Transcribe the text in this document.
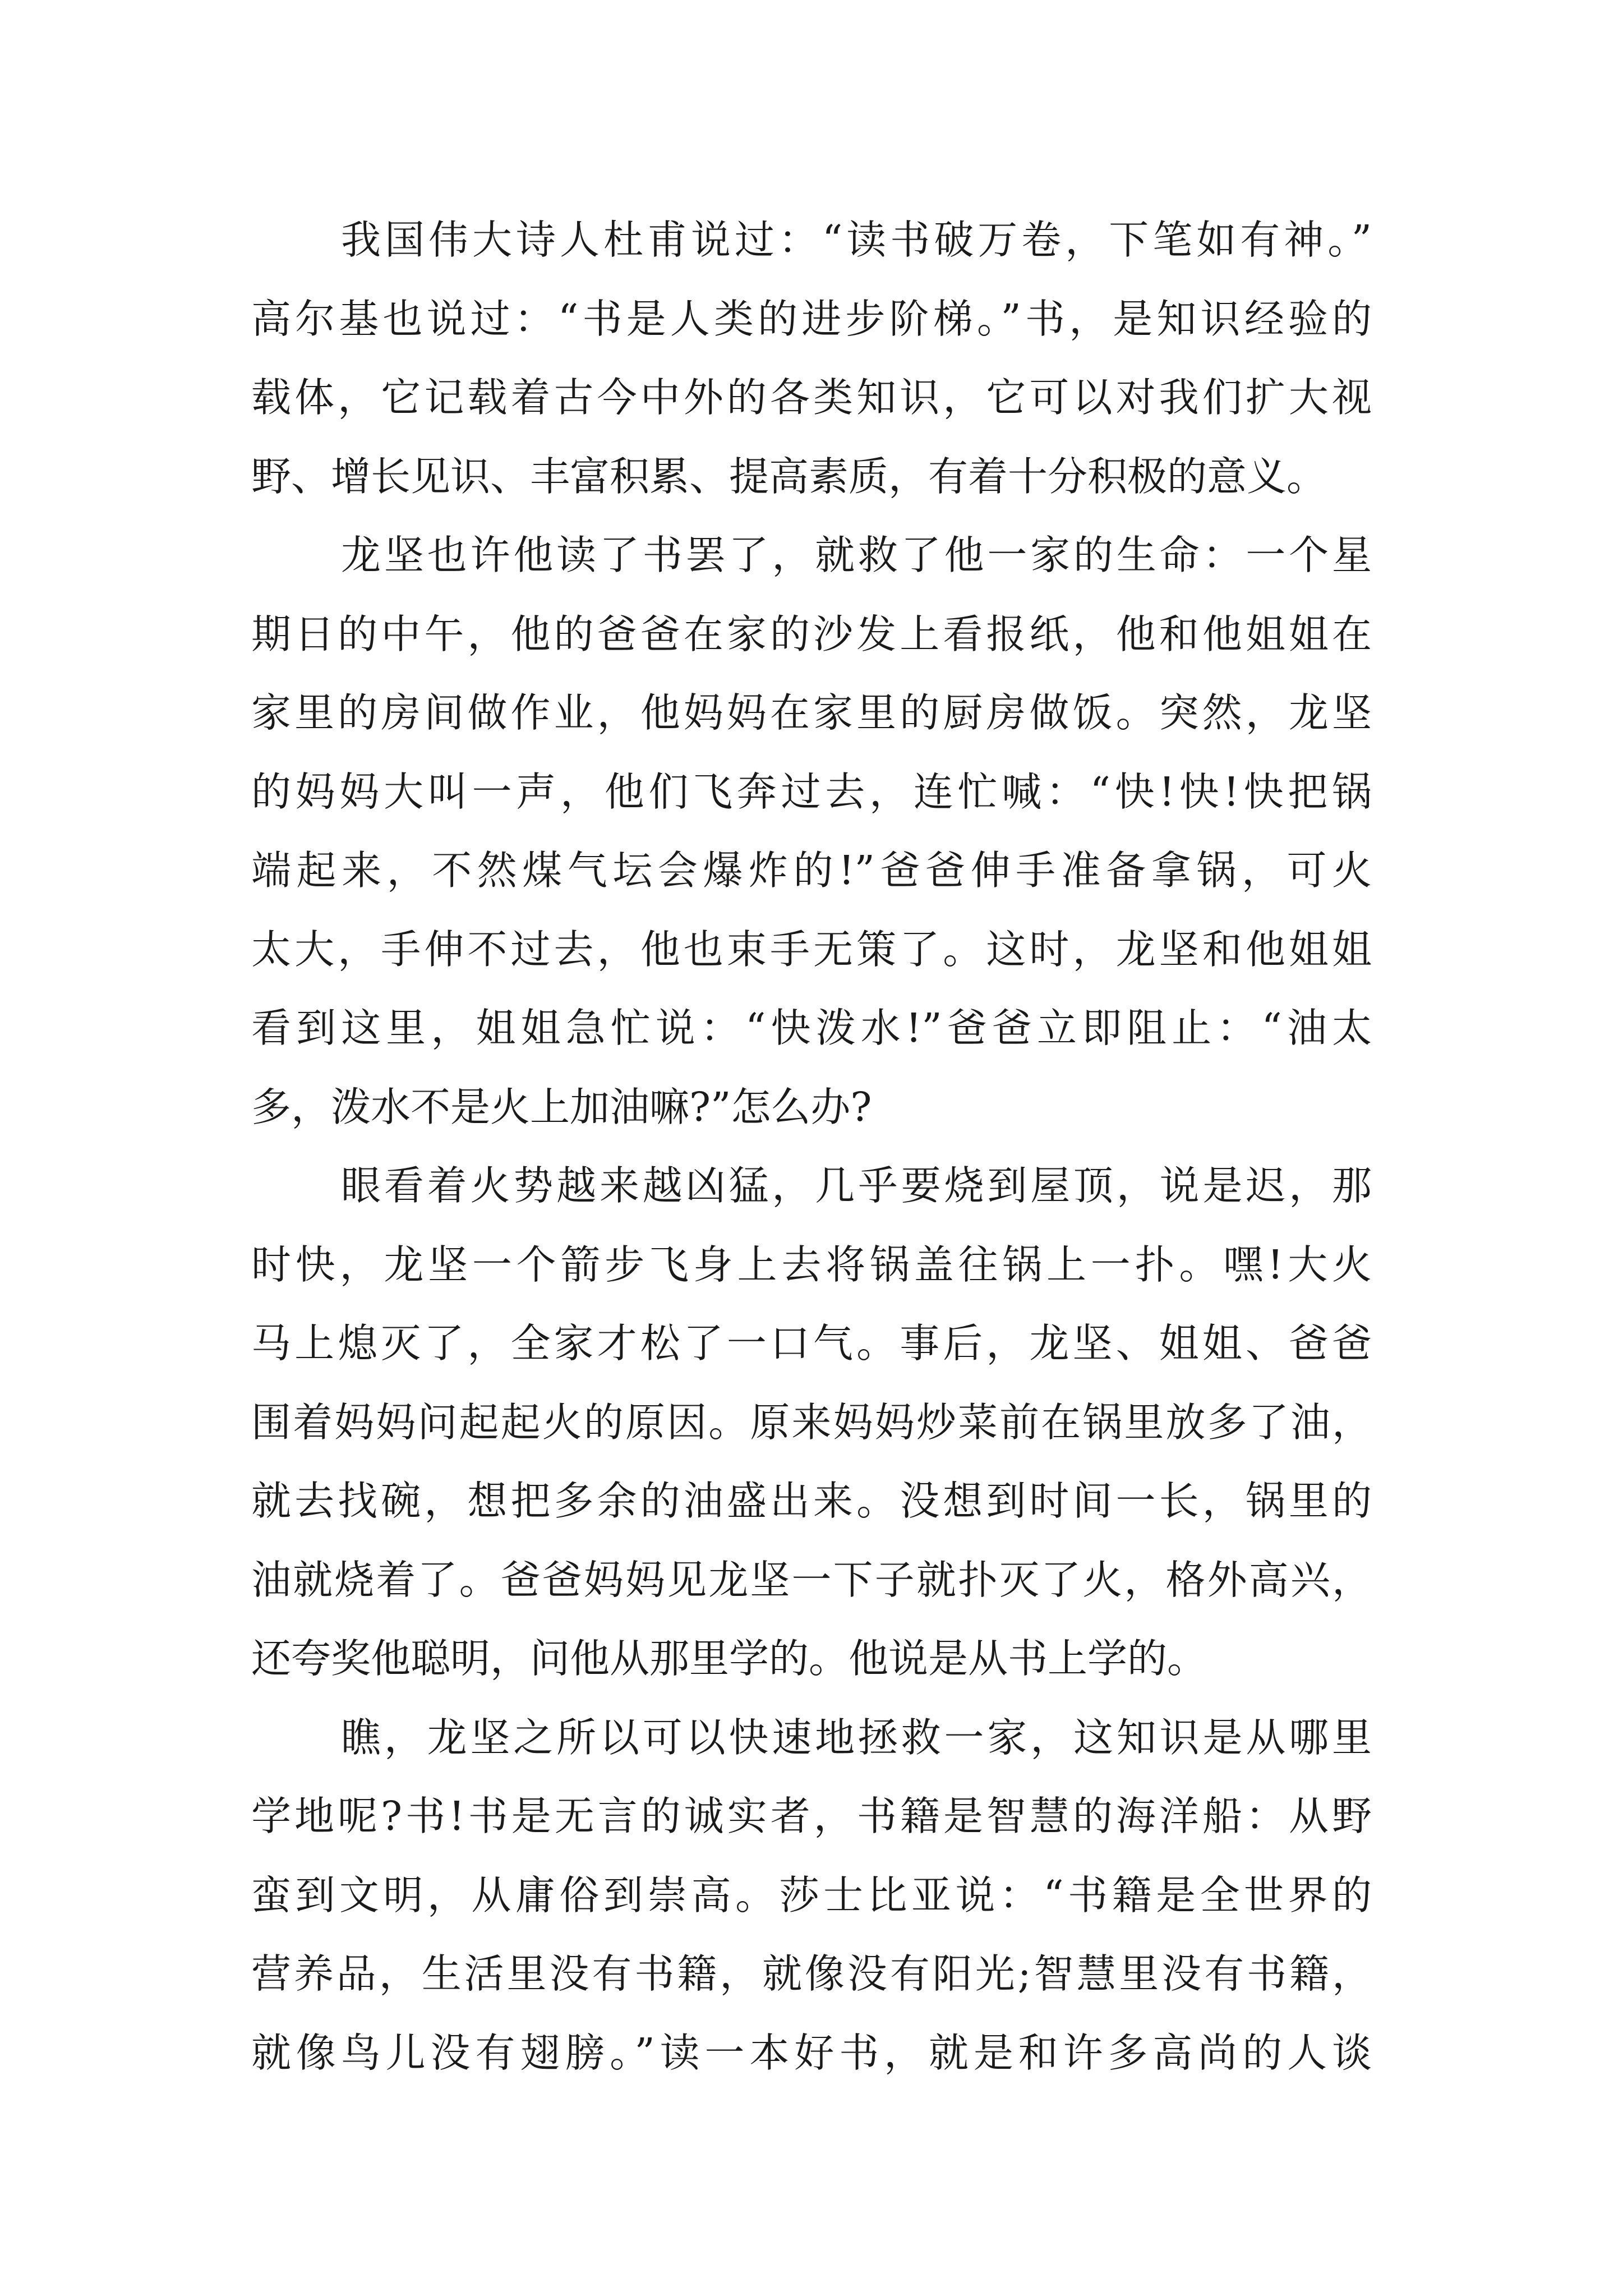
我国伟大诗人杜甫说过：“读书破万卷，下笔如有神。”
高尔基也说过：“书是人类的进步阶梯。”书，是知识经验的
载体，它记载着古今中外的各类知识，它可以对我们扩大视
野、增长见识、丰富积累、提高素质，有着十分积极的意义。
龙坚也许他读了书罢了，就救了他一家的生命：一个星
期日的中午，他的爸爸在家的沙发上看报纸，他和他姐姐在
家里的房间做作业，他妈妈在家里的厨房做饭。突然，龙坚
的妈妈大叫一声，他们飞奔过去，连忙喊：“快!快!快把锅
端起来，不然煤气坛会爆炸的!”爸爸伸手准备拿锅，可火
太大，手伸不过去，他也束手无策了。这时，龙坚和他姐姐
看到这里，姐姐急忙说：“快泼水!”爸爸立即阻止：“油太
多，泼水不是火上加油嘛?”怎么办?
眼看着火势越来越凶猛，几乎要烧到屋顶，说是迟，那
时快，龙坚一个箭步飞身上去将锅盖往锅上一扑。嘿!大火
马上熄灭了，全家才松了一口气。事后，龙坚、姐姐、爸爸
围着妈妈问起起火的原因。原来妈妈炒菜前在锅里放多了油，
就去找碗，想把多余的油盛出来。没想到时间一长，锅里的
油就烧着了。爸爸妈妈见龙坚一下子就扑灭了火，格外高兴，
还夸奖他聪明，问他从那里学的。他说是从书上学的。
瞧，龙坚之所以可以快速地拯救一家，这知识是从哪里
学地呢?书!书是无言的诚实者，书籍是智慧的海洋船：从野
蛮到文明，从庸俗到崇高。莎士比亚说：“书籍是全世界的
营养品，生活里没有书籍，就像没有阳光;智慧里没有书籍，
就像鸟儿没有翅膀。”读一本好书，就是和许多高尚的人谈
